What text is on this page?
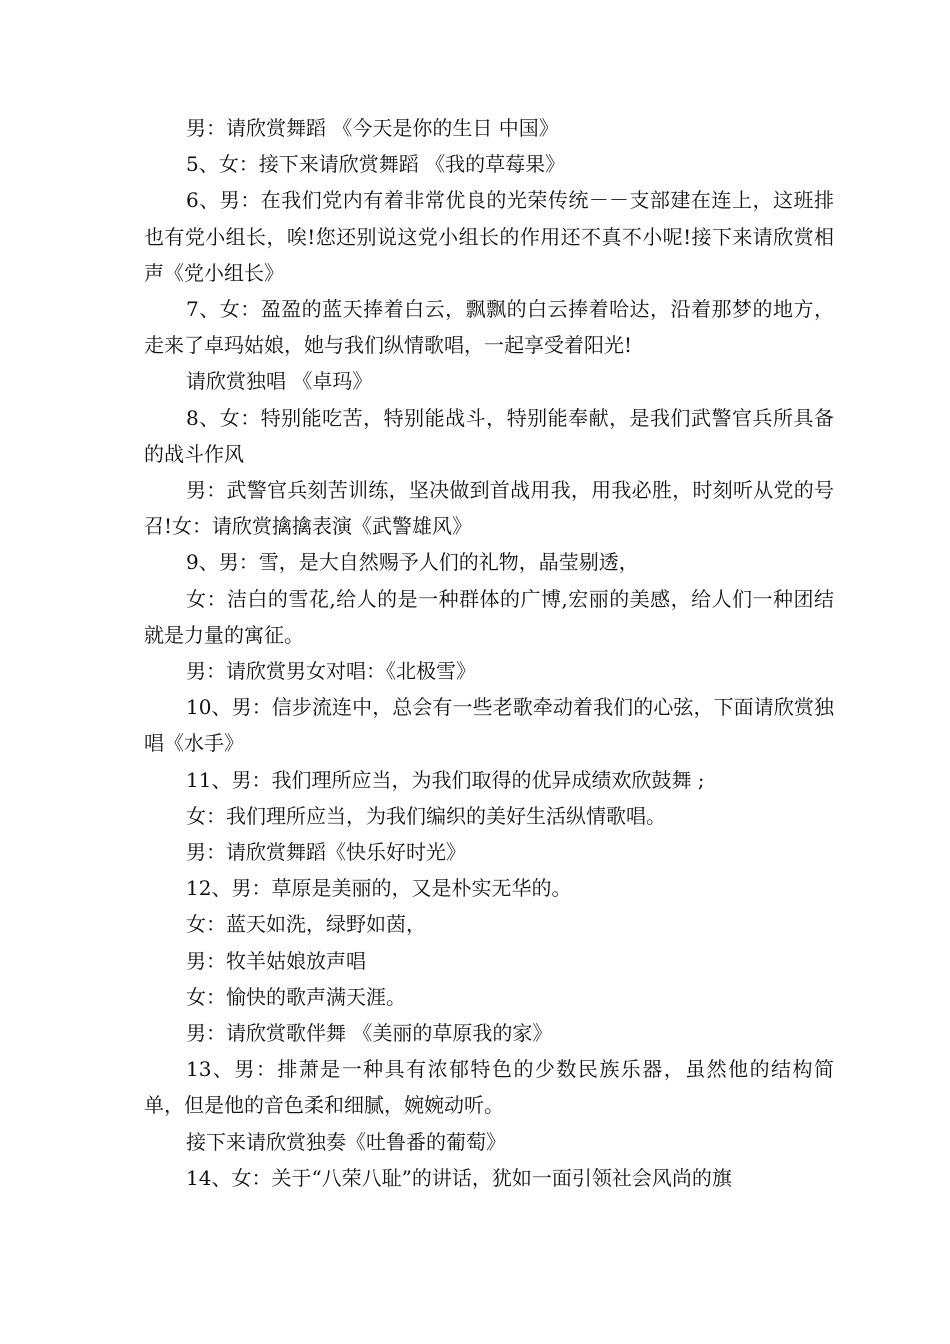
男：请欣赏舞蹈 《今天是你的生日 中国》

5、女：接下来请欣赏舞蹈 《我的草莓果》

6、男：在我们党内有着非常优良的光荣传统－－支部建在连上，这班排也有党小组长，唉!您还别说这党小组长的作用还不真不小呢!接下来请欣赏相声《党小组长》

7、女：盈盈的蓝天捧着白云，飘飘的白云捧着哈达，沿着那梦的地方，走来了卓玛姑娘，她与我们纵情歌唱，一起享受着阳光!

请欣赏独唱 《卓玛》

8、女：特别能吃苦，特别能战斗，特别能奉献，是我们武警官兵所具备的战斗作风

男：武警官兵刻苦训练，坚决做到首战用我，用我必胜，时刻听从党的号召!女：请欣赏擒擒表演《武警雄风》

9、男：雪，是大自然赐予人们的礼物，晶莹剔透，

女：洁白的雪花,给人的是一种群体的广博,宏丽的美感，给人们一种团结就是力量的寓征。

男：请欣赏男女对唱：《北极雪》

10、男：信步流连中，总会有一些老歌牵动着我们的心弦，下面请欣赏独唱《水手》

11、男：我们理所应当，为我们取得的优异成绩欢欣鼓舞 ;

女：我们理所应当，为我们编织的美好生活纵情歌唱。

男：请欣赏舞蹈《快乐好时光》

12、男：草原是美丽的，又是朴实无华的。

女：蓝天如洗，绿野如茵，

男：牧羊姑娘放声唱

女：愉快的歌声满天涯。

男：请欣赏歌伴舞 《美丽的草原我的家》

13、男：排萧是一种具有浓郁特色的少数民族乐器，虽然他的结构简 单，但是他的音色柔和细腻，婉婉动听。

接下来请欣赏独奏《吐鲁番的葡萄》

14、女：关于“八荣八耻”的讲话，犹如一面引领社会风尚的旗
